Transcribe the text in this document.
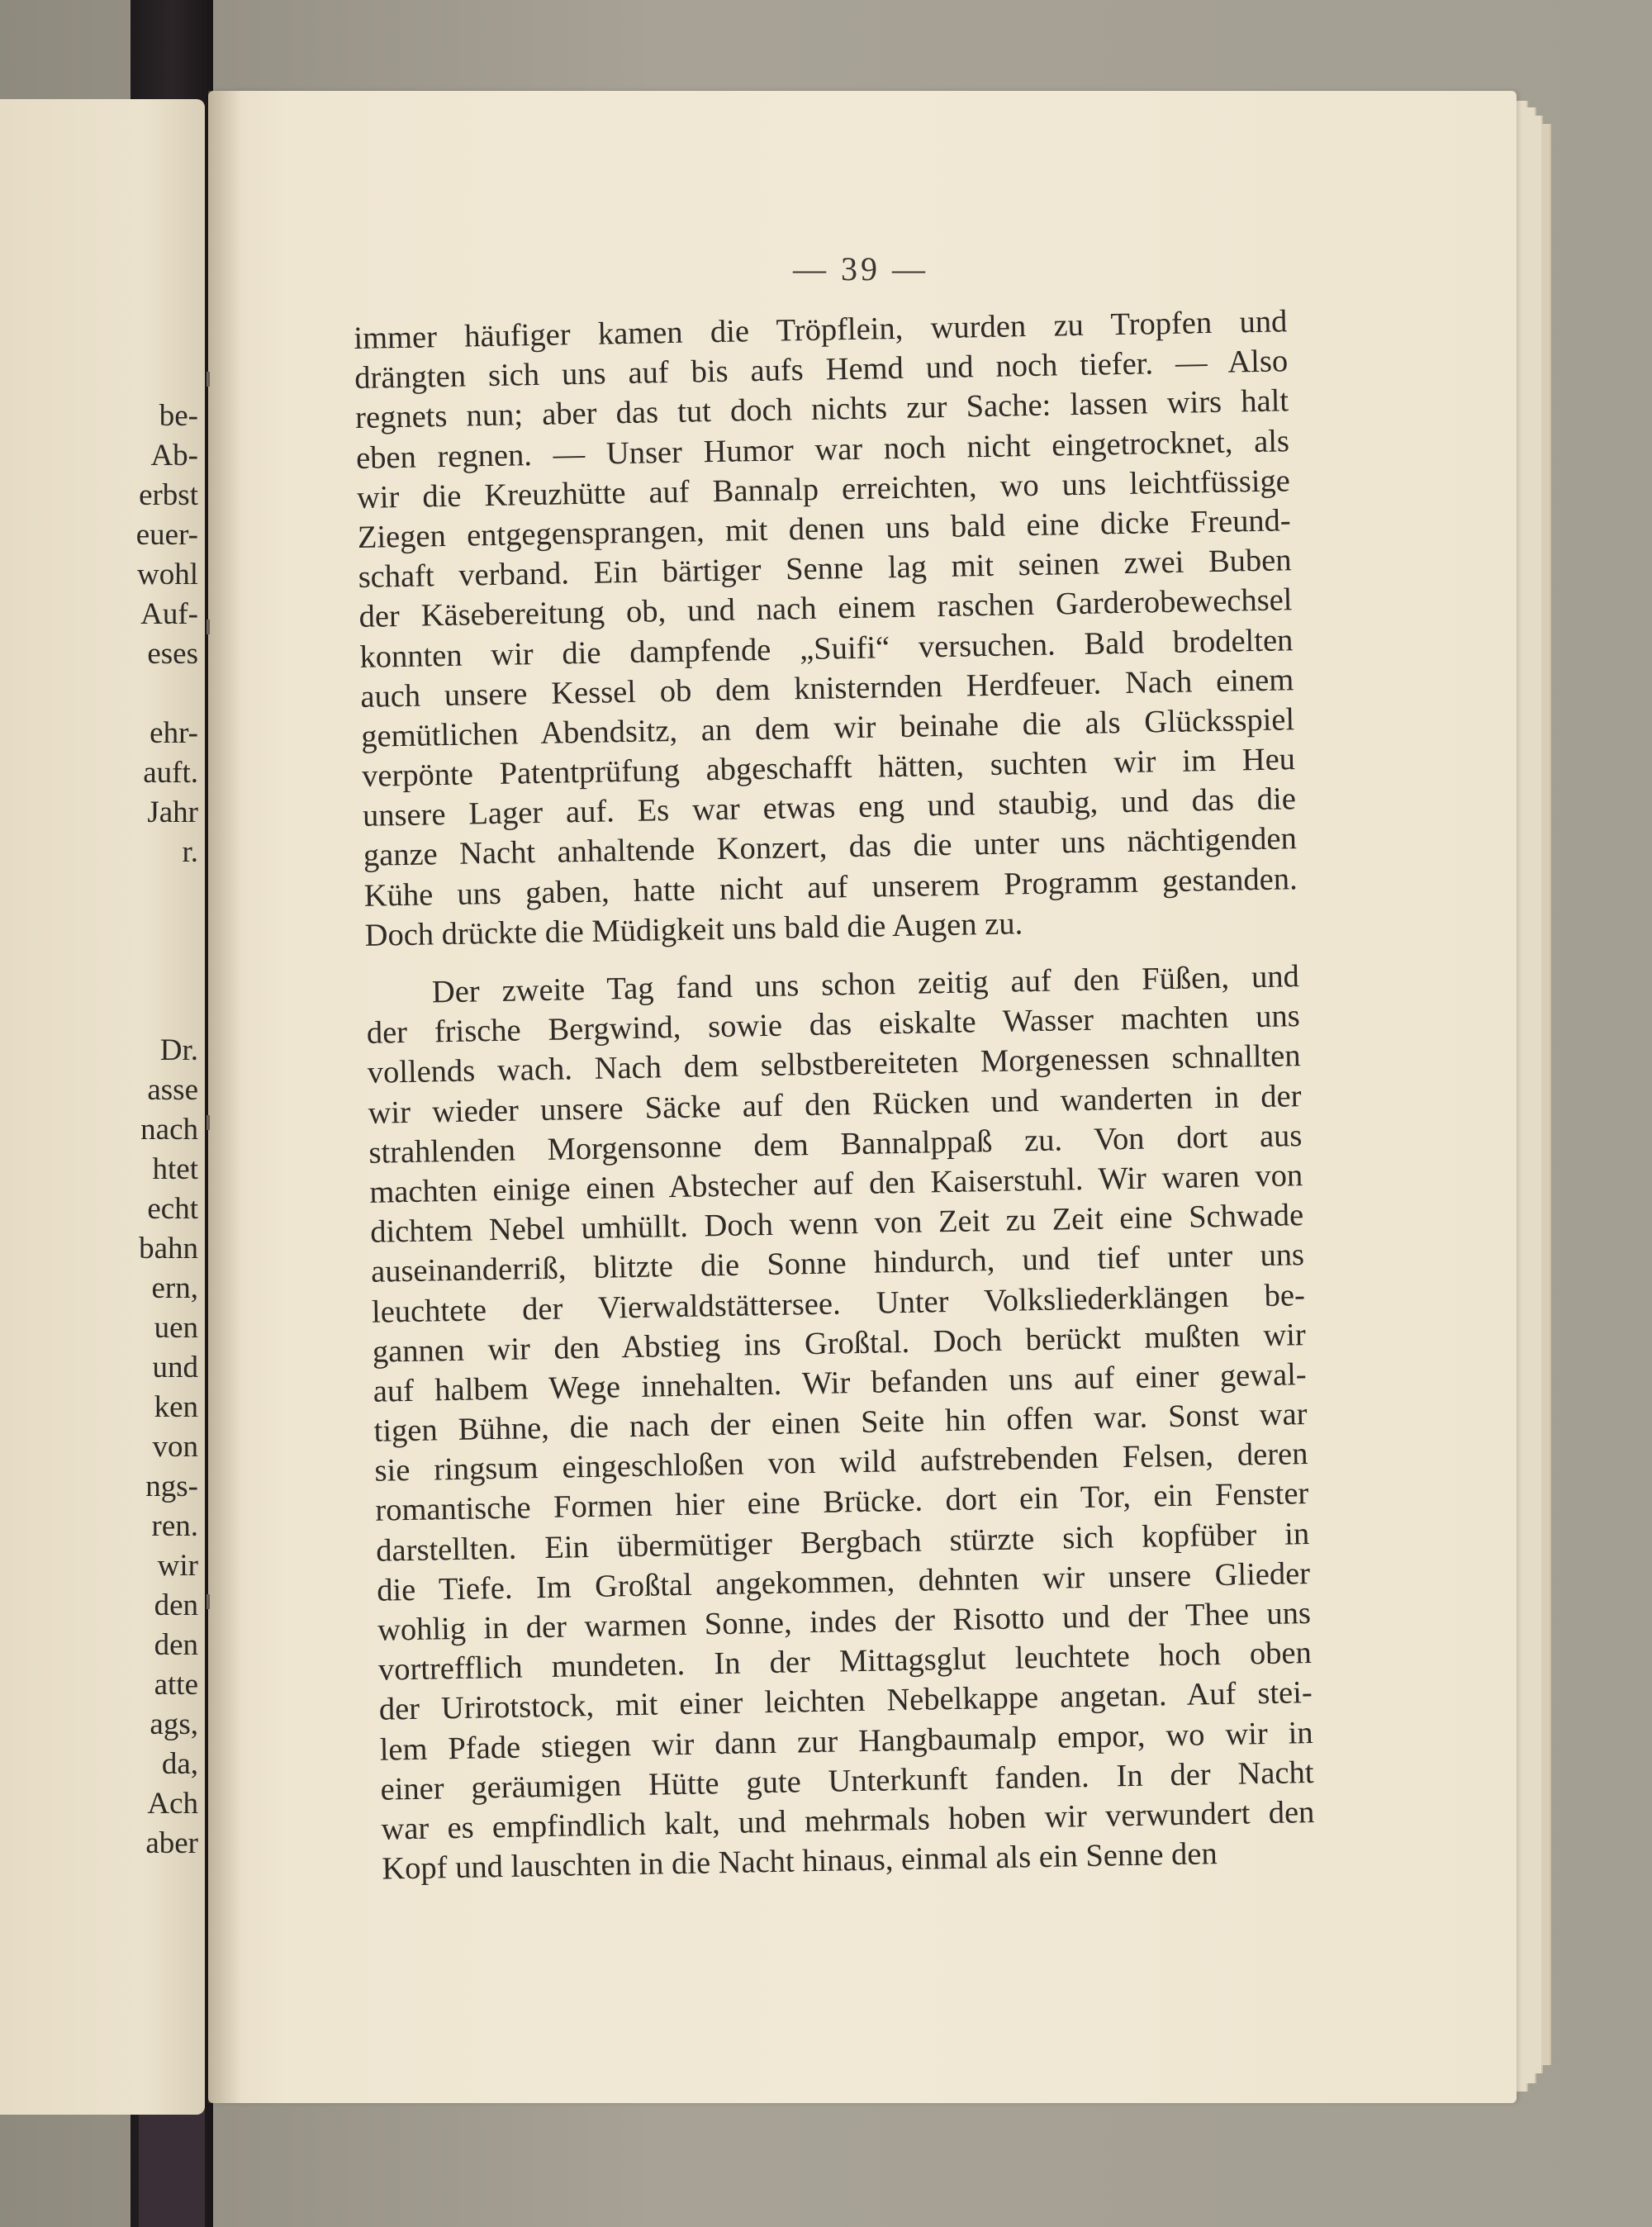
be-
Ab-
erbst
euer-
wohl
Auf-
eses
ehr-
auft.
Jahr
r.
Dr.
asse
nach
htet
echt
bahn
ern,
uen
und
ken
von
ngs-
ren.
wir
den
den
atte
ags,
da,
Ach
aber
— 39 —
immer häufiger kamen die Tröpflein, wurden zu Tropfen und
drängten sich uns auf bis aufs Hemd und noch tiefer. — Also
regnets nun; aber das tut doch nichts zur Sache: lassen wirs halt
eben regnen. — Unser Humor war noch nicht eingetrocknet, als
wir die Kreuzhütte auf Bannalp erreichten, wo uns leichtfüssige
Ziegen entgegensprangen, mit denen uns bald eine dicke Freund-
schaft verband. Ein bärtiger Senne lag mit seinen zwei Buben
der Käsebereitung ob, und nach einem raschen Garderobewechsel
konnten wir die dampfende „Suifi“ versuchen. Bald brodelten
auch unsere Kessel ob dem knisternden Herdfeuer. Nach einem
gemütlichen Abendsitz, an dem wir beinahe die als Glücksspiel
verpönte Patentprüfung abgeschafft hätten, suchten wir im Heu
unsere Lager auf. Es war etwas eng und staubig, und das die
ganze Nacht anhaltende Konzert, das die unter uns nächtigenden
Kühe uns gaben, hatte nicht auf unserem Programm gestanden.
Doch drückte die Müdigkeit uns bald die Augen zu.
Der zweite Tag fand uns schon zeitig auf den Füßen, und
der frische Bergwind, sowie das eiskalte Wasser machten uns
vollends wach. Nach dem selbstbereiteten Morgenessen schnallten
wir wieder unsere Säcke auf den Rücken und wanderten in der
strahlenden Morgensonne dem Bannalppaß zu. Von dort aus
machten einige einen Abstecher auf den Kaiserstuhl. Wir waren von
dichtem Nebel umhüllt. Doch wenn von Zeit zu Zeit eine Schwade
auseinanderriß, blitzte die Sonne hindurch, und tief unter uns
leuchtete der Vierwaldstättersee. Unter Volksliederklängen be-
gannen wir den Abstieg ins Großtal. Doch berückt mußten wir
auf halbem Wege innehalten. Wir befanden uns auf einer gewal-
tigen Bühne, die nach der einen Seite hin offen war. Sonst war
sie ringsum eingeschloßen von wild aufstrebenden Felsen, deren
romantische Formen hier eine Brücke. dort ein Tor, ein Fenster
darstellten. Ein übermütiger Bergbach stürzte sich kopfüber in
die Tiefe. Im Großtal angekommen, dehnten wir unsere Glieder
wohlig in der warmen Sonne, indes der Risotto und der Thee uns
vortrefflich mundeten. In der Mittagsglut leuchtete hoch oben
der Urirotstock, mit einer leichten Nebelkappe angetan. Auf stei-
lem Pfade stiegen wir dann zur Hangbaumalp empor, wo wir in
einer geräumigen Hütte gute Unterkunft fanden. In der Nacht
war es empfindlich kalt, und mehrmals hoben wir verwundert den
Kopf und lauschten in die Nacht hinaus, einmal als ein Senne den
